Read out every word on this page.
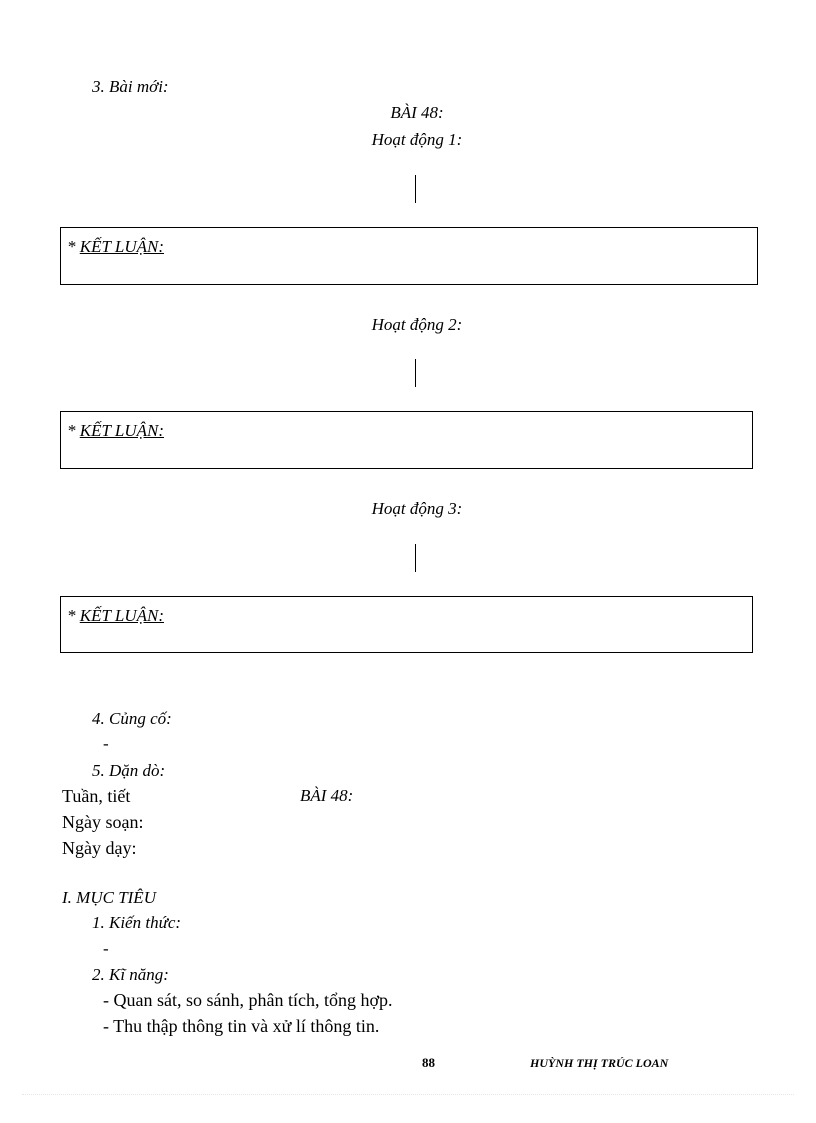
3. Bài mới:
BÀI 48:
Hoạt động 1:
* KẾT LUẬN:
Hoạt động 2:
* KẾT LUẬN:
Hoạt động 3:
* KẾT LUẬN:
4. Củng cố:
-
5. Dặn dò:
Tuần, tiết	BÀI 48:
Ngày soạn:
Ngày dạy:
I. MỤC TIÊU
1. Kiến thức:
-
2. Kĩ năng:
- Quan sát, so sánh, phân tích, tổng hợp.
- Thu thập thông tin và xử lí thông tin.
88	HUỲNH THỊ TRÚC LOAN
